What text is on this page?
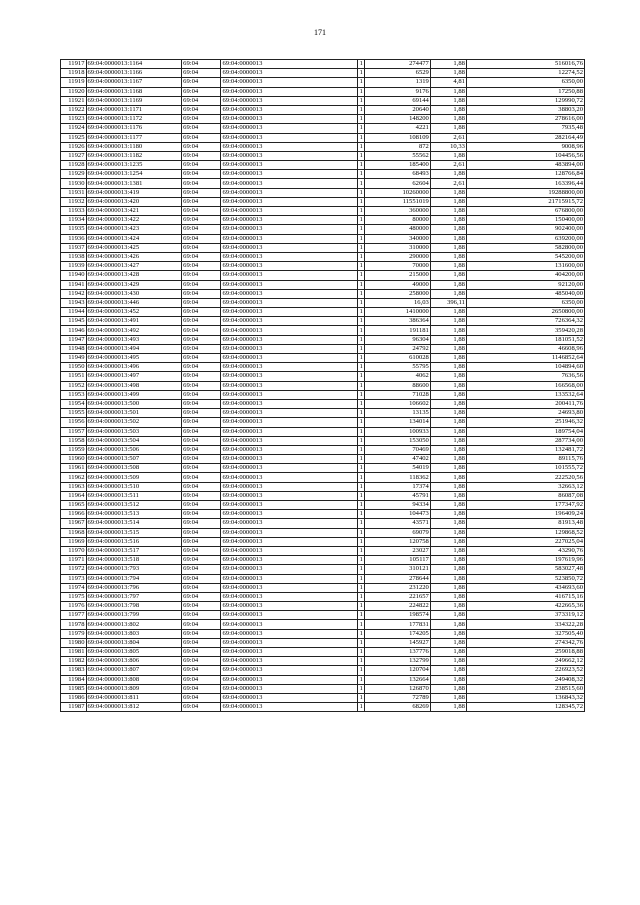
171
11917	69:04:0000013:1164	69:04	69:04:0000013	1	274477	1,88	516016,76
11918	69:04:0000013:1166	69:04	69:04:0000013	1	6529	1,88	12274,52
11919	69:04:0000013:1167	69:04	69:04:0000013	1	1319	4,81	6350,00
11920	69:04:0000013:1168	69:04	69:04:0000013	1	9176	1,88	17250,88
11921	69:04:0000013:1169	69:04	69:04:0000013	1	69144	1,88	129990,72
11922	69:04:0000013:1171	69:04	69:04:0000013	1	20640	1,88	38803,20
11923	69:04:0000013:1172	69:04	69:04:0000013	1	148200	1,88	278616,00
11924	69:04:0000013:1176	69:04	69:04:0000013	1	4221	1,88	7935,48
11925	69:04:0000013:1177	69:04	69:04:0000013	1	108109	2,61	282164,49
11926	69:04:0000013:1180	69:04	69:04:0000013	1	872	10,33	9008,96
11927	69:04:0000013:1182	69:04	69:04:0000013	1	55562	1,88	104456,56
11928	69:04:0000013:1235	69:04	69:04:0000013	1	185400	2,61	483894,00
11929	69:04:0000013:1254	69:04	69:04:0000013	1	68493	1,88	128766,84
11930	69:04:0000013:1381	69:04	69:04:0000013	1	62604	2,61	163396,44
11931	69:04:0000013:419	69:04	69:04:0000013	1	10260000	1,88	19288800,00
11932	69:04:0000013:420	69:04	69:04:0000013	1	11551019	1,88	21715915,72
11933	69:04:0000013:421	69:04	69:04:0000013	1	360000	1,88	676800,00
11934	69:04:0000013:422	69:04	69:04:0000013	1	80000	1,88	150400,00
11935	69:04:0000013:423	69:04	69:04:0000013	1	480000	1,88	902400,00
11936	69:04:0000013:424	69:04	69:04:0000013	1	340000	1,88	639200,00
11937	69:04:0000013:425	69:04	69:04:0000013	1	310000	1,88	582800,00
11938	69:04:0000013:426	69:04	69:04:0000013	1	290000	1,88	545200,00
11939	69:04:0000013:427	69:04	69:04:0000013	1	70000	1,88	131600,00
11940	69:04:0000013:428	69:04	69:04:0000013	1	215000	1,88	404200,00
11941	69:04:0000013:429	69:04	69:04:0000013	1	49000	1,88	92120,00
11942	69:04:0000013:430	69:04	69:04:0000013	1	258000	1,88	485040,00
11943	69:04:0000013:446	69:04	69:04:0000013	1	16,03	396,11	6350,00
11944	69:04:0000013:452	69:04	69:04:0000013	1	1410000	1,88	2650800,00
11945	69:04:0000013:491	69:04	69:04:0000013	1	386364	1,88	726364,32
11946	69:04:0000013:492	69:04	69:04:0000013	1	191181	1,88	359420,28
11947	69:04:0000013:493	69:04	69:04:0000013	1	96304	1,88	181051,52
11948	69:04:0000013:494	69:04	69:04:0000013	1	24792	1,88	46608,96
11949	69:04:0000013:495	69:04	69:04:0000013	1	610028	1,88	1146852,64
11950	69:04:0000013:496	69:04	69:04:0000013	1	55795	1,88	104894,60
11951	69:04:0000013:497	69:04	69:04:0000013	1	4062	1,88	7636,56
11952	69:04:0000013:498	69:04	69:04:0000013	1	88600	1,88	166568,00
11953	69:04:0000013:499	69:04	69:04:0000013	1	71028	1,88	133532,64
11954	69:04:0000013:500	69:04	69:04:0000013	1	106602	1,88	200411,76
11955	69:04:0000013:501	69:04	69:04:0000013	1	13135	1,88	24693,80
11956	69:04:0000013:502	69:04	69:04:0000013	1	134014	1,88	251946,32
11957	69:04:0000013:503	69:04	69:04:0000013	1	100933	1,88	189754,04
11958	69:04:0000013:504	69:04	69:04:0000013	1	153050	1,88	287734,00
11959	69:04:0000013:506	69:04	69:04:0000013	1	70469	1,88	132481,72
11960	69:04:0000013:507	69:04	69:04:0000013	1	47402	1,88	89115,76
11961	69:04:0000013:508	69:04	69:04:0000013	1	54019	1,88	101555,72
11962	69:04:0000013:509	69:04	69:04:0000013	1	118362	1,88	222520,56
11963	69:04:0000013:510	69:04	69:04:0000013	1	17374	1,88	32663,12
11964	69:04:0000013:511	69:04	69:04:0000013	1	45791	1,88	86087,08
11965	69:04:0000013:512	69:04	69:04:0000013	1	94334	1,88	177347,92
11966	69:04:0000013:513	69:04	69:04:0000013	1	104473	1,88	196409,24
11967	69:04:0000013:514	69:04	69:04:0000013	1	43571	1,88	81913,48
11968	69:04:0000013:515	69:04	69:04:0000013	1	69079	1,88	129868,52
11969	69:04:0000013:516	69:04	69:04:0000013	1	120758	1,88	227025,04
11970	69:04:0000013:517	69:04	69:04:0000013	1	23027	1,88	43290,76
11971	69:04:0000013:518	69:04	69:04:0000013	1	105117	1,88	197619,96
11972	69:04:0000013:793	69:04	69:04:0000013	1	310121	1,88	583027,48
11973	69:04:0000013:794	69:04	69:04:0000013	1	278644	1,88	523850,72
11974	69:04:0000013:796	69:04	69:04:0000013	1	231220	1,88	434693,60
11975	69:04:0000013:797	69:04	69:04:0000013	1	221657	1,88	416715,16
11976	69:04:0000013:798	69:04	69:04:0000013	1	224822	1,88	422665,36
11977	69:04:0000013:799	69:04	69:04:0000013	1	198574	1,88	373319,12
11978	69:04:0000013:802	69:04	69:04:0000013	1	177831	1,88	334322,28
11979	69:04:0000013:803	69:04	69:04:0000013	1	174205	1,88	327505,40
11980	69:04:0000013:804	69:04	69:04:0000013	1	145927	1,88	274342,76
11981	69:04:0000013:805	69:04	69:04:0000013	1	137776	1,88	259018,88
11982	69:04:0000013:806	69:04	69:04:0000013	1	132799	1,88	249662,12
11983	69:04:0000013:807	69:04	69:04:0000013	1	120704	1,88	226923,52
11984	69:04:0000013:808	69:04	69:04:0000013	1	132664	1,88	249408,32
11985	69:04:0000013:809	69:04	69:04:0000013	1	126870	1,88	238515,60
11986	69:04:0000013:811	69:04	69:04:0000013	1	72789	1,88	136843,32
11987	69:04:0000013:812	69:04	69:04:0000013	1	68269	1,88	128345,72
